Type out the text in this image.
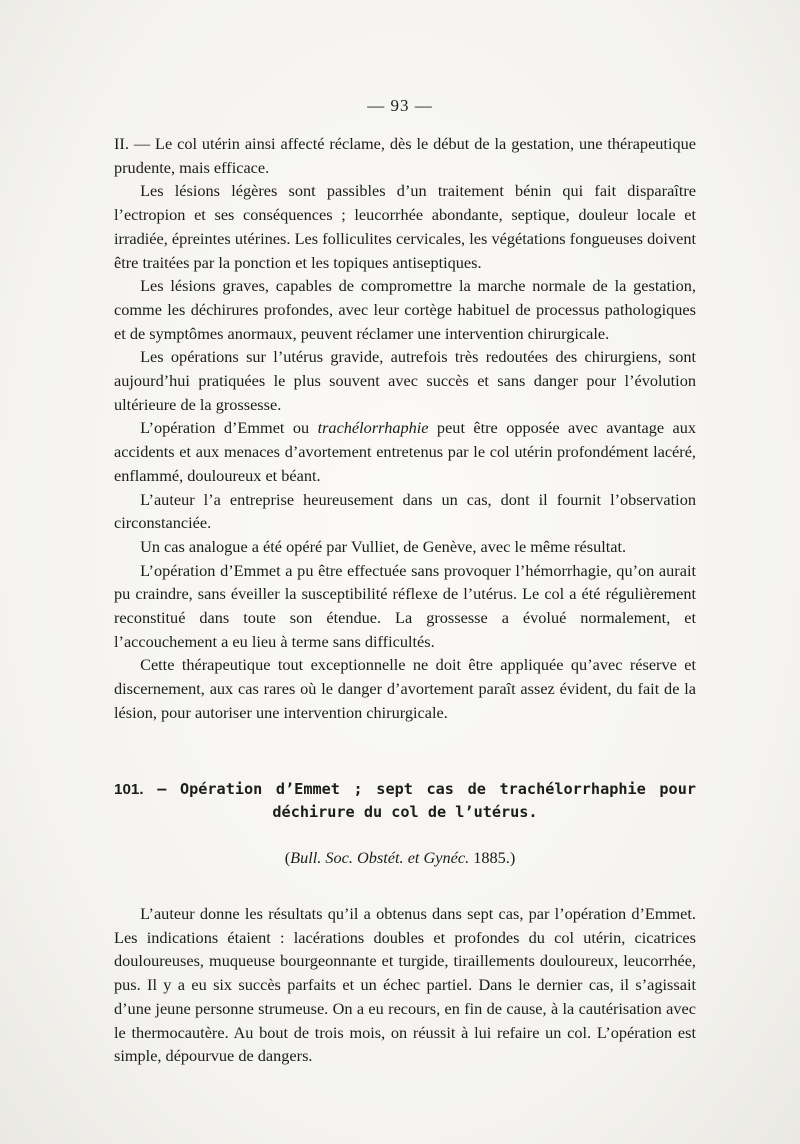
— 93 —

II. — Le col utérin ainsi affecté réclame, dès le début de la gestation, une thérapeutique prudente, mais efficace.

Les lésions légères sont passibles d’un traitement bénin qui fait disparaître l’ectropion et ses conséquences ; leucorrhée abondante, septique, douleur locale et irradiée, épreintes utérines. Les folliculites cervicales, les végétations fongueuses doivent être traitées par la ponction et les topiques antiseptiques.

Les lésions graves, capables de compromettre la marche normale de la gestation, comme les déchirures profondes, avec leur cortège habituel de processus pathologiques et de symptômes anormaux, peuvent réclamer une intervention chirurgicale.

Les opérations sur l’utérus gravide, autrefois très redoutées des chirurgiens, sont aujourd’hui pratiquées le plus souvent avec succès et sans danger pour l’évolution ultérieure de la grossesse.

L’opération d’Emmet ou trachélorrhaphie peut être opposée avec avantage aux accidents et aux menaces d’avortement entretenus par le col utérin profondément lacéré, enflammé, douloureux et béant.

L’auteur l’a entreprise heureusement dans un cas, dont il fournit l’observation circonstanciée.

Un cas analogue a été opéré par Vulliet, de Genève, avec le même résultat.

L’opération d’Emmet a pu être effectuée sans provoquer l’hémorrhagie, qu’on aurait pu craindre, sans éveiller la susceptibilité réflexe de l’utérus. Le col a été régulièrement reconstitué dans toute son étendue. La grossesse a évolué normalement, et l’accouchement a eu lieu à terme sans difficultés.

Cette thérapeutique tout exceptionnelle ne doit être appliquée qu’avec réserve et discernement, aux cas rares où le danger d’avortement paraît assez évident, du fait de la lésion, pour autoriser une intervention chirurgicale.

101. — Opération d’Emmet ; sept cas de trachélorrhaphie pour déchirure du col de l’utérus.
(Bull. Soc. Obstét. et Gynéc. 1885.)

L’auteur donne les résultats qu’il a obtenus dans sept cas, par l’opération d’Emmet. Les indications étaient : lacérations doubles et profondes du col utérin, cicatrices douloureuses, muqueuse bourgeonnante et turgide, tiraillements douloureux, leucorrhée, pus. Il y a eu six succès parfaits et un échec partiel. Dans le dernier cas, il s’agissait d’une jeune personne strumeuse. On a eu recours, en fin de cause, à la cautérisation avec le thermocautère. Au bout de trois mois, on réussit à lui refaire un col. L’opération est simple, dépourvue de dangers.
